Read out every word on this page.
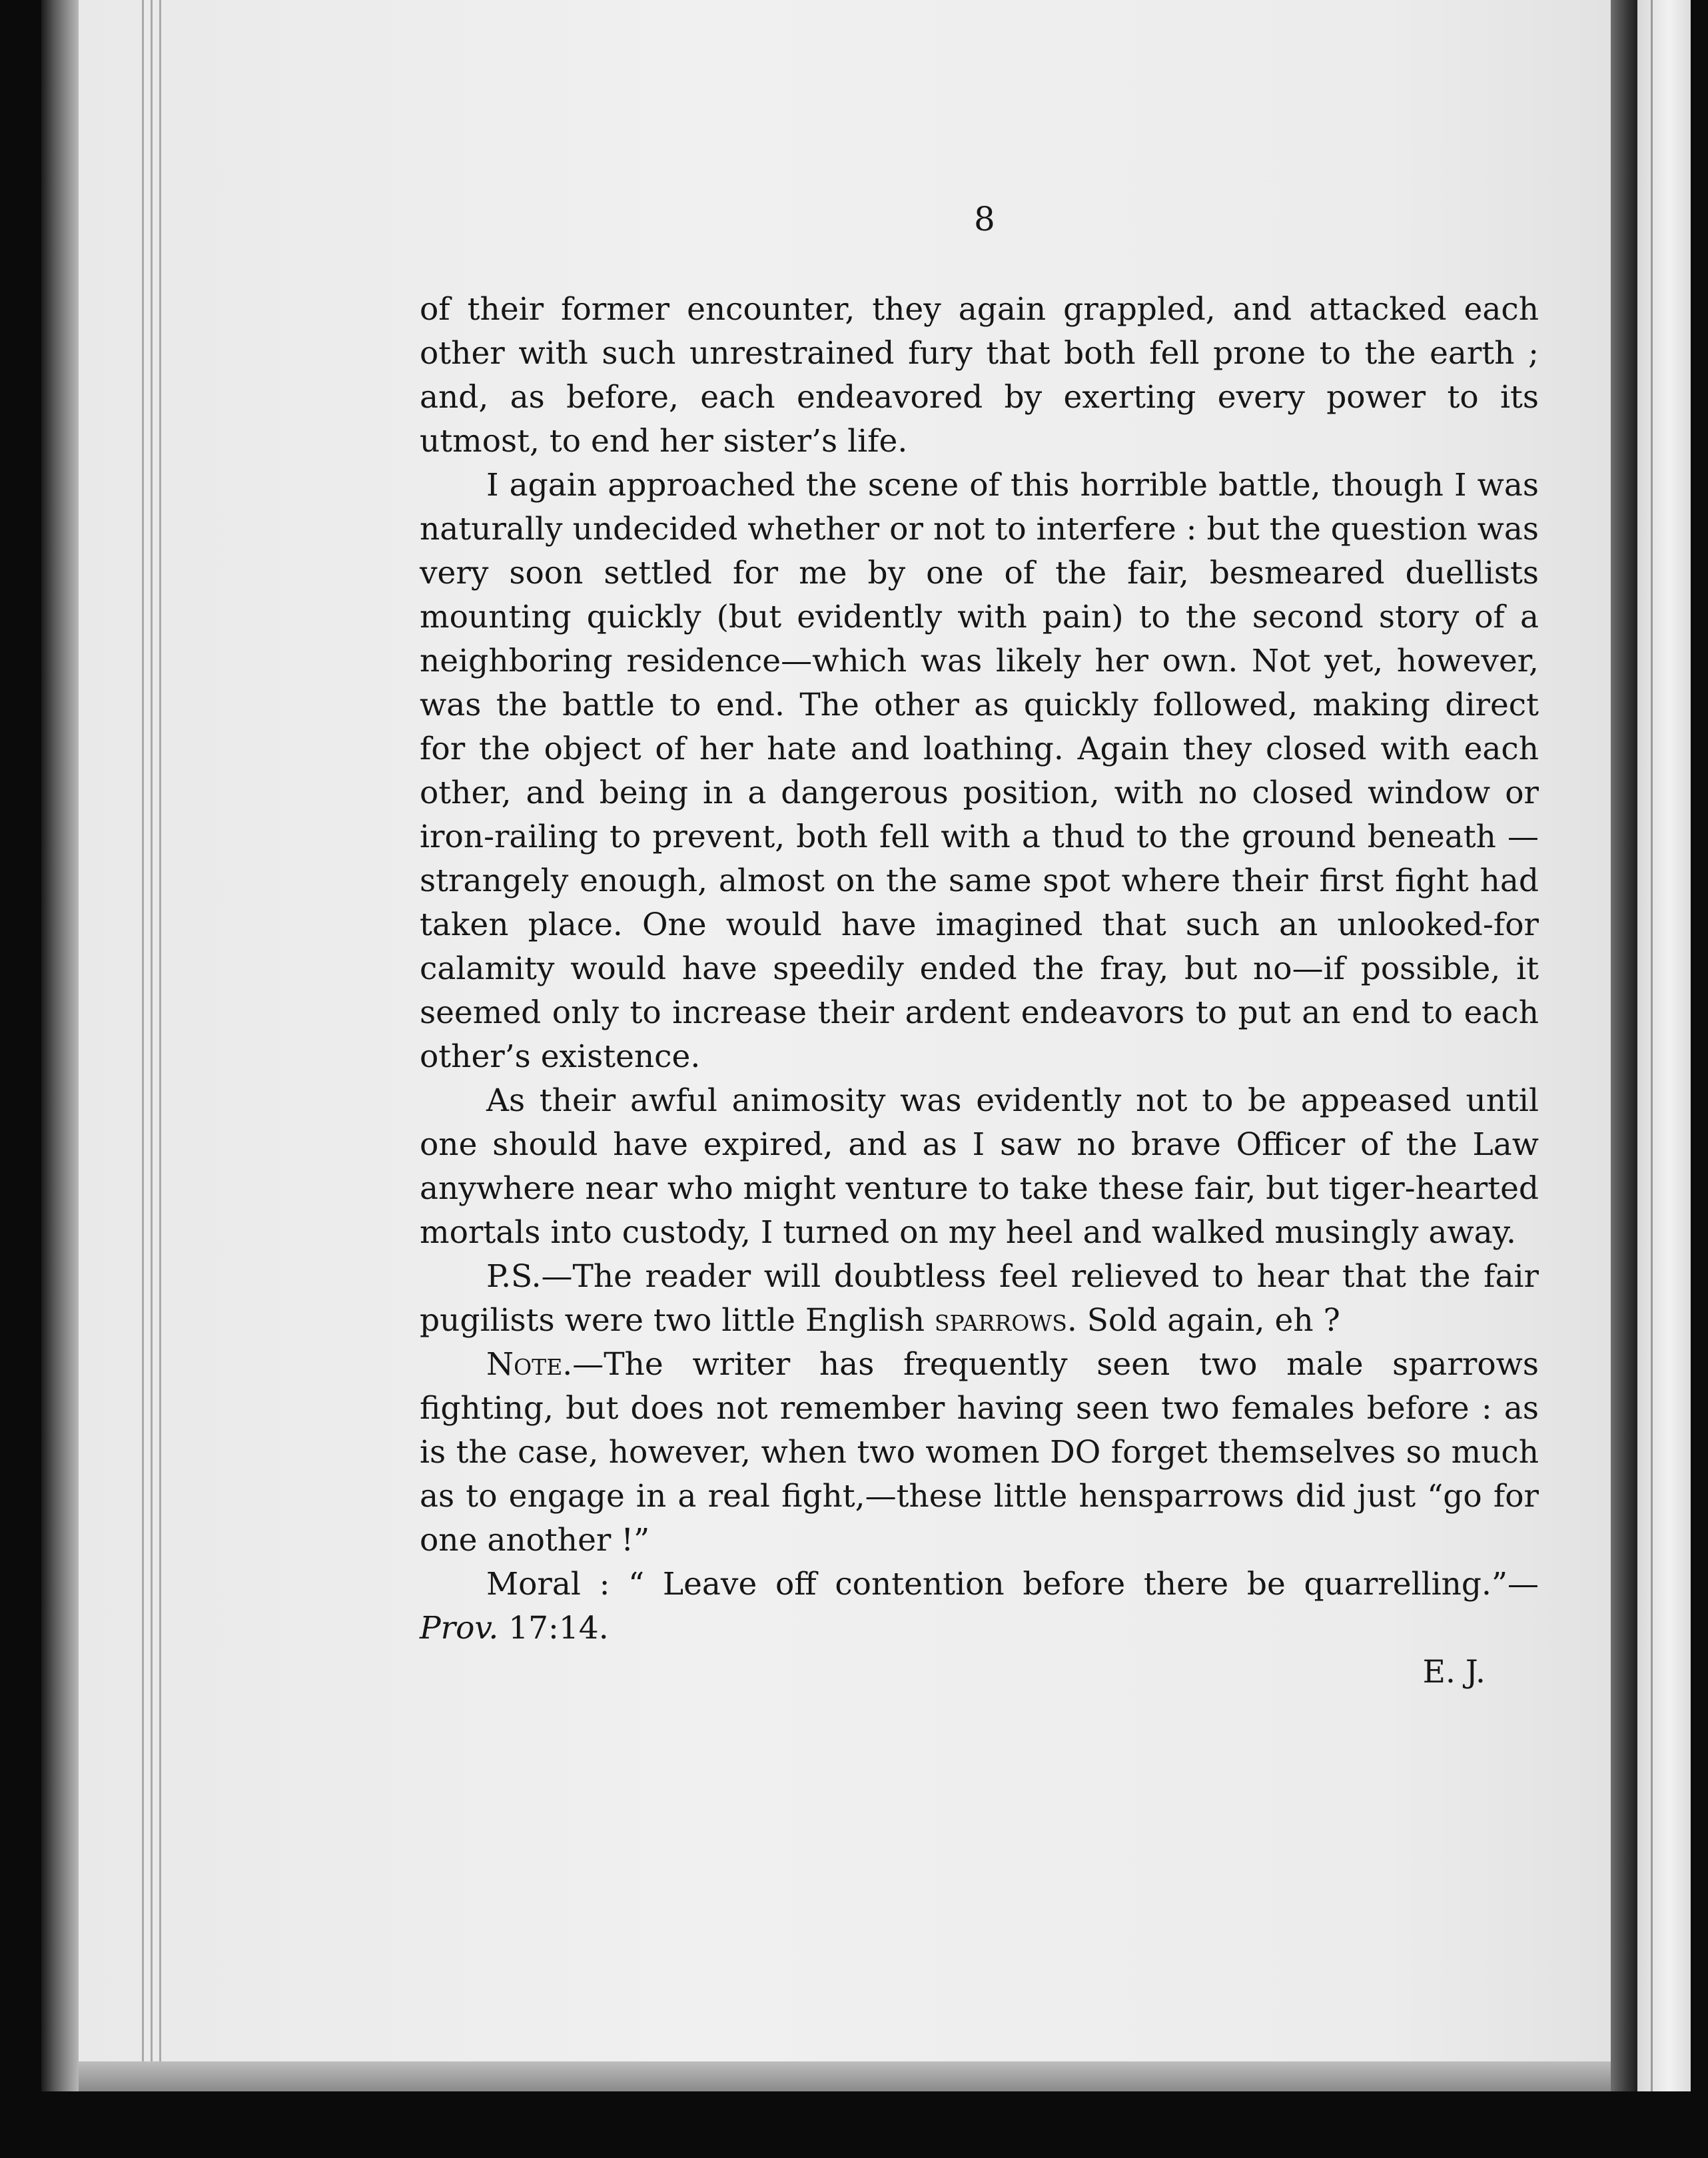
8

of their former encounter, they again grappled, and attacked each other with such unrestrained fury that both fell prone to the earth ; and, as before, each endeavored by exerting every power to its utmost, to end her sister’s life.

I again approached the scene of this horrible battle, though I was naturally undecided whether or not to interfere : but the question was very soon settled for me by one of the fair, besmeared duellists mounting quickly (but evidently with pain) to the second story of a neighboring residence—which was likely her own. Not yet, however, was the battle to end. The other as quickly followed, making direct for the object of her hate and loathing. Again they closed with each other, and being in a dangerous position, with no closed window or iron-railing to prevent, both fell with a thud to the ground beneath —strangely enough, almost on the same spot where their first fight had taken place. One would have imagined that such an unlooked-for calamity would have speedily ended the fray, but no—if possible, it seemed only to increase their ardent endeavors to put an end to each other’s existence.

As their awful animosity was evidently not to be appeased until one should have expired, and as I saw no brave Officer of the Law anywhere near who might venture to take these fair, but tiger-hearted mortals into custody, I turned on my heel and walked musingly away.

P.S.—The reader will doubtless feel relieved to hear that the fair pugilists were two little English sparrows. Sold again, eh ?

Note.—The writer has frequently seen two male sparrows fighting, but does not remember having seen two females before : as is the case, however, when two women DO forget themselves so much as to engage in a real fight,—these little hensparrows did just “go for one another !”

Moral : “ Leave off contention before there be quarrelling.”—Prov. 17:14.

E. J.
